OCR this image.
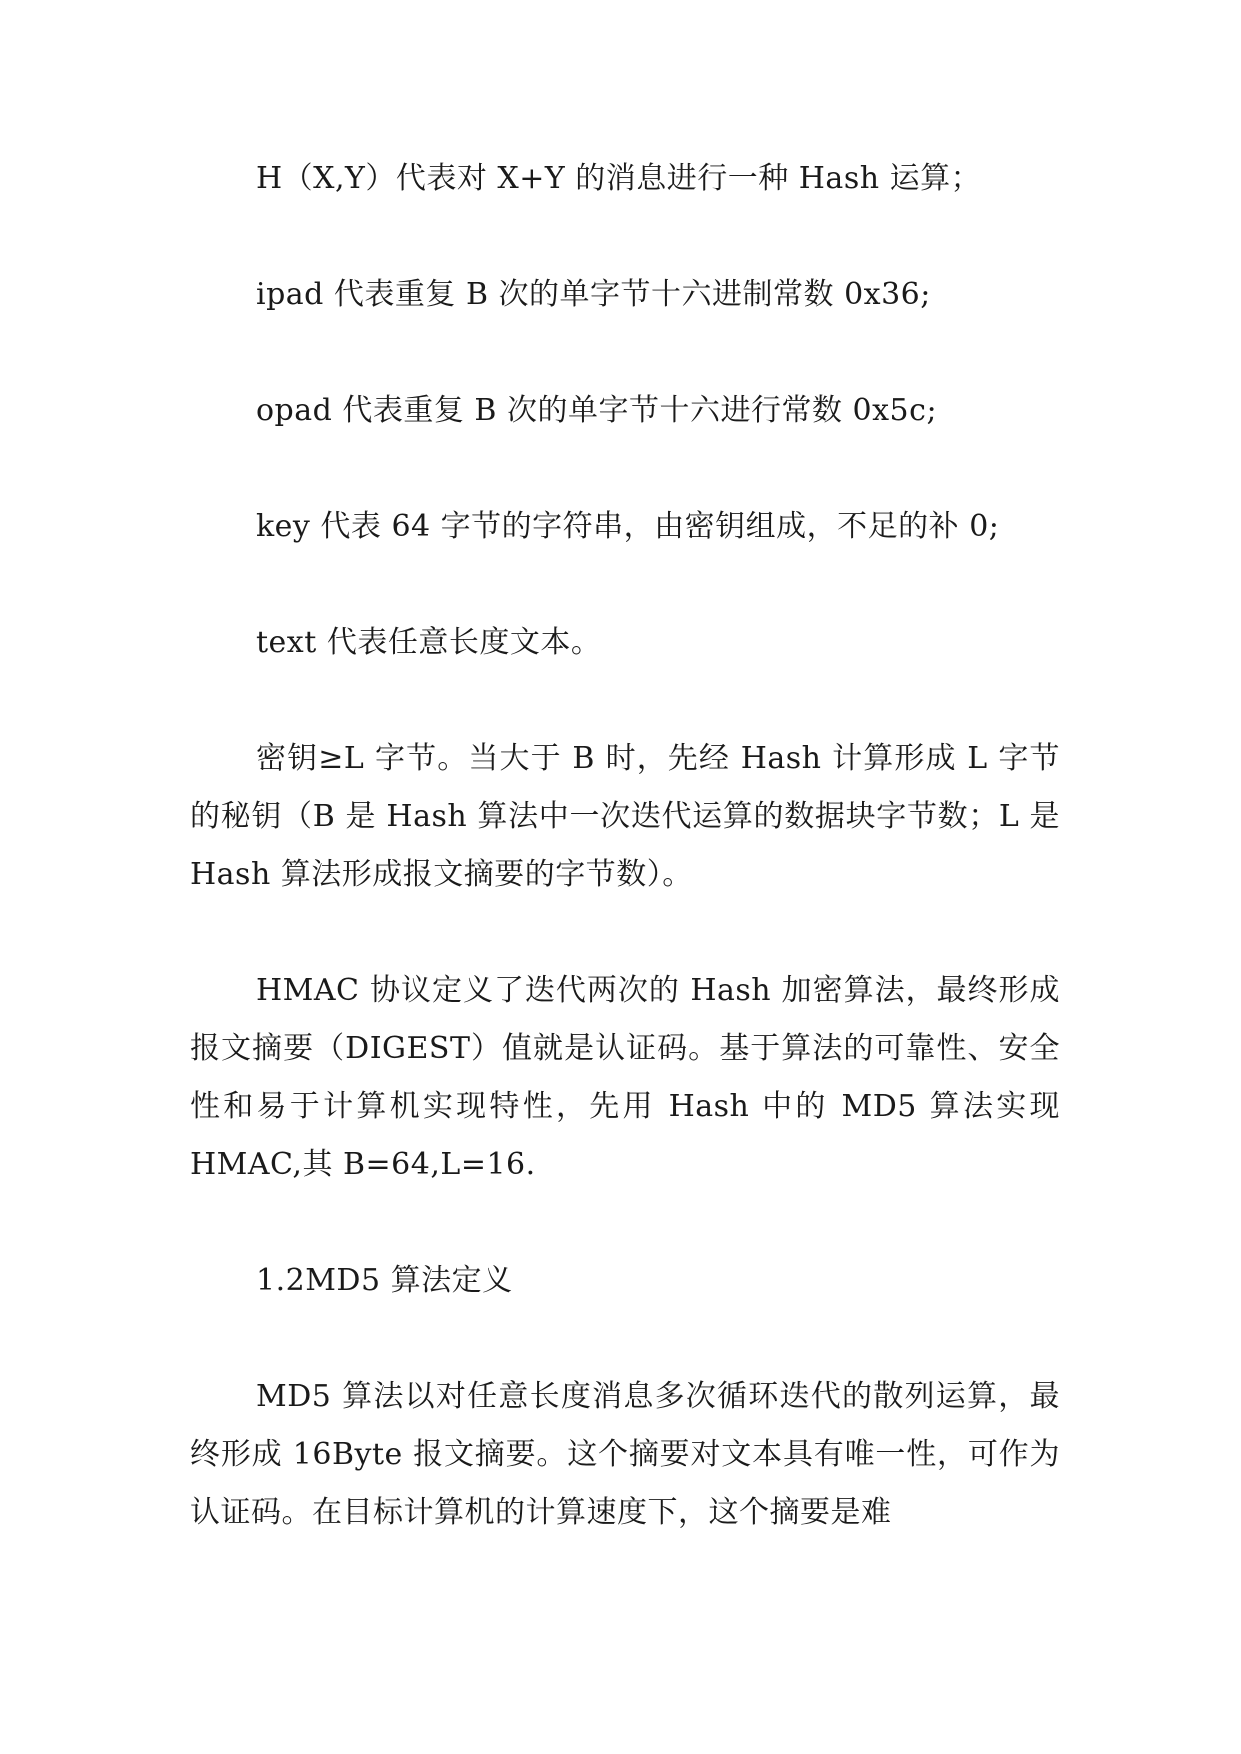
H（X,Y）代表对 X+Y 的消息进行一种 Hash 运算；

ipad 代表重复 B 次的单字节十六进制常数 0x36;

opad 代表重复 B 次的单字节十六进行常数 0x5c;

key 代表 64 字节的字符串，由密钥组成，不足的补 0;

text 代表任意长度文本。

密钥≥L 字节。当大于 B 时，先经 Hash 计算形成 L 字节的秘钥（B 是 Hash 算法中一次迭代运算的数据块字节数；L 是 Hash 算法形成报文摘要的字节数）。

HMAC 协议定义了迭代两次的 Hash 加密算法，最终形成报文摘要（DIGEST）值就是认证码。基于算法的可靠性、安全性和易于计算机实现特性，先用 Hash 中的 MD5 算法实现 HMAC,其 B=64,L=16.

1.2MD5 算法定义

MD5 算法以对任意长度消息多次循环迭代的散列运算，最终形成 16Byte 报文摘要。这个摘要对文本具有唯一性，可作为认证码。在目标计算机的计算速度下，这个摘要是难
